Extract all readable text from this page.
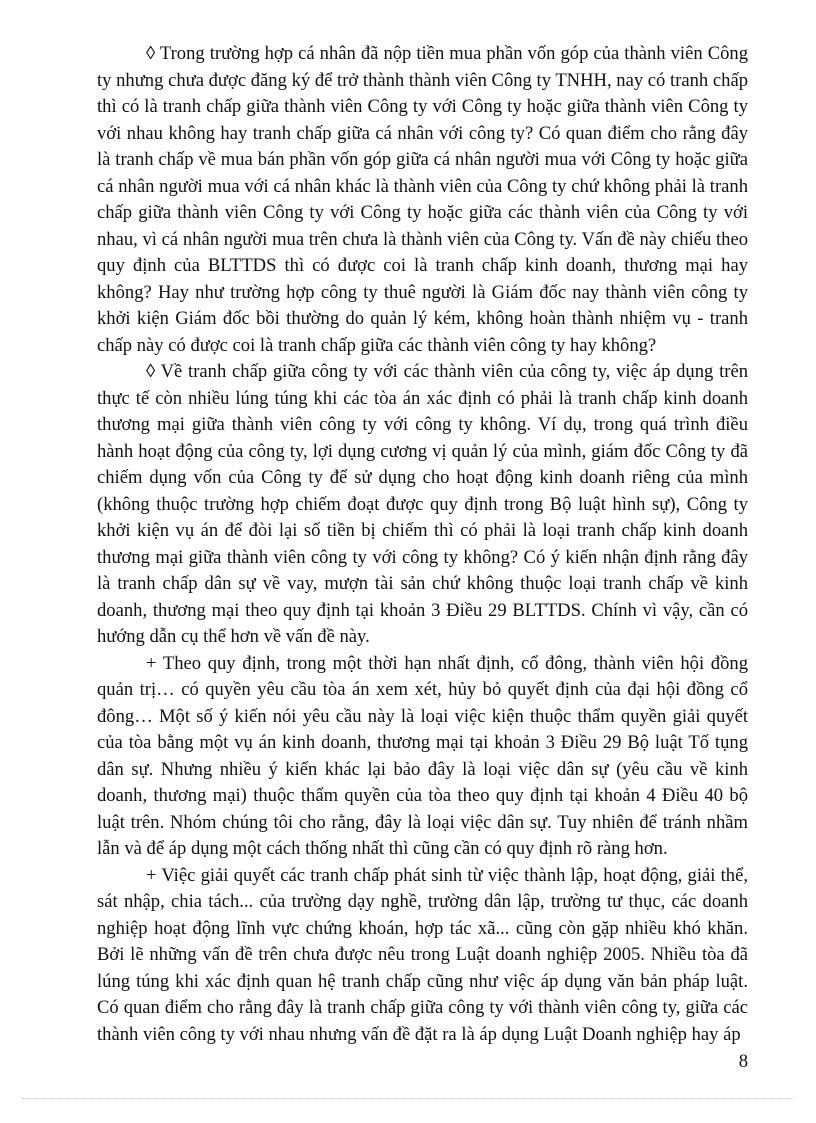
◊ Trong trường hợp cá nhân đã nộp tiền mua phần vốn góp của thành viên Công ty nhưng chưa được đăng ký để trở thành thành viên Công ty TNHH, nay có tranh chấp thì có là tranh chấp giữa thành viên Công ty với Công ty hoặc giữa thành viên Công ty với nhau không hay tranh chấp giữa cá nhân với công ty? Có quan điểm cho rằng đây là tranh chấp về mua bán phần vốn góp giữa cá nhân người mua với Công ty hoặc giữa cá nhân người mua với cá nhân khác là thành viên của Công ty chứ không phải là tranh chấp giữa thành viên Công ty với Công ty hoặc giữa các thành viên của Công ty với nhau, vì cá nhân người mua trên chưa là thành viên của Công ty. Vấn đề này chiếu theo quy định của BLTTDS thì có được coi là tranh chấp kinh doanh, thương mại hay không? Hay như trường hợp công ty thuê người là Giám đốc nay thành viên công ty khởi kiện Giám đốc bồi thường do quản lý kém, không hoàn thành nhiệm vụ - tranh chấp này có được coi là tranh chấp giữa các thành viên công ty hay không?

◊ Về tranh chấp giữa công ty với các thành viên của công ty, việc áp dụng trên thực tế còn nhiều lúng túng khi các tòa án xác định có phải là tranh chấp kinh doanh thương mại giữa thành viên công ty với công ty không. Ví dụ, trong quá trình điều hành hoạt động của công ty, lợi dụng cương vị quản lý của mình, giám đốc Công ty đã chiếm dụng vốn của Công ty để sử dụng cho hoạt động kinh doanh riêng của mình (không thuộc trường hợp chiếm đoạt được quy định trong Bộ luật hình sự), Công ty khởi kiện vụ án để đòi lại số tiền bị chiếm thì có phải là loại tranh chấp kinh doanh thương mại giữa thành viên công ty với công ty không? Có ý kiến nhận định rằng đây là tranh chấp dân sự về vay, mượn tài sản chứ không thuộc loại tranh chấp về kinh doanh, thương mại theo quy định tại khoản 3 Điều 29 BLTTDS. Chính vì vậy, cần có hướng dẫn cụ thể hơn về vấn đề này.

+ Theo quy định, trong một thời hạn nhất định, cổ đông, thành viên hội đồng quản trị… có quyền yêu cầu tòa án xem xét, hủy bỏ quyết định của đại hội đồng cổ đông… Một số ý kiến nói yêu cầu này là loại việc kiện thuộc thẩm quyền giải quyết của tòa bằng một vụ án kinh doanh, thương mại tại khoản 3 Điều 29 Bộ luật Tố tụng dân sự. Nhưng nhiều ý kiến khác lại bảo đây là loại việc dân sự (yêu cầu về kinh doanh, thương mại) thuộc thẩm quyền của tòa theo quy định tại khoản 4 Điều 40 bộ luật trên. Nhóm chúng tôi cho rằng, đây là loại việc dân sự. Tuy nhiên để tránh nhầm lẫn và để áp dụng một cách thống nhất thì cũng cần có quy định rõ ràng hơn.

+ Việc giải quyết các tranh chấp phát sinh từ việc thành lập, hoạt động, giải thể, sát nhập, chia tách... của trường dạy nghề, trường dân lập, trường tư thục, các doanh nghiệp hoạt động lĩnh vực chứng khoán, hợp tác xã... cũng còn gặp nhiều khó khăn. Bởi lẽ những vấn đề trên chưa được nêu trong Luật doanh nghiệp 2005. Nhiều tòa đã lúng túng khi xác định quan hệ tranh chấp cũng như việc áp dụng văn bản pháp luật. Có quan điểm cho rằng đây là tranh chấp giữa công ty với thành viên công ty, giữa các thành viên công ty với nhau nhưng vấn đề đặt ra là áp dụng Luật Doanh nghiệp hay áp

8
